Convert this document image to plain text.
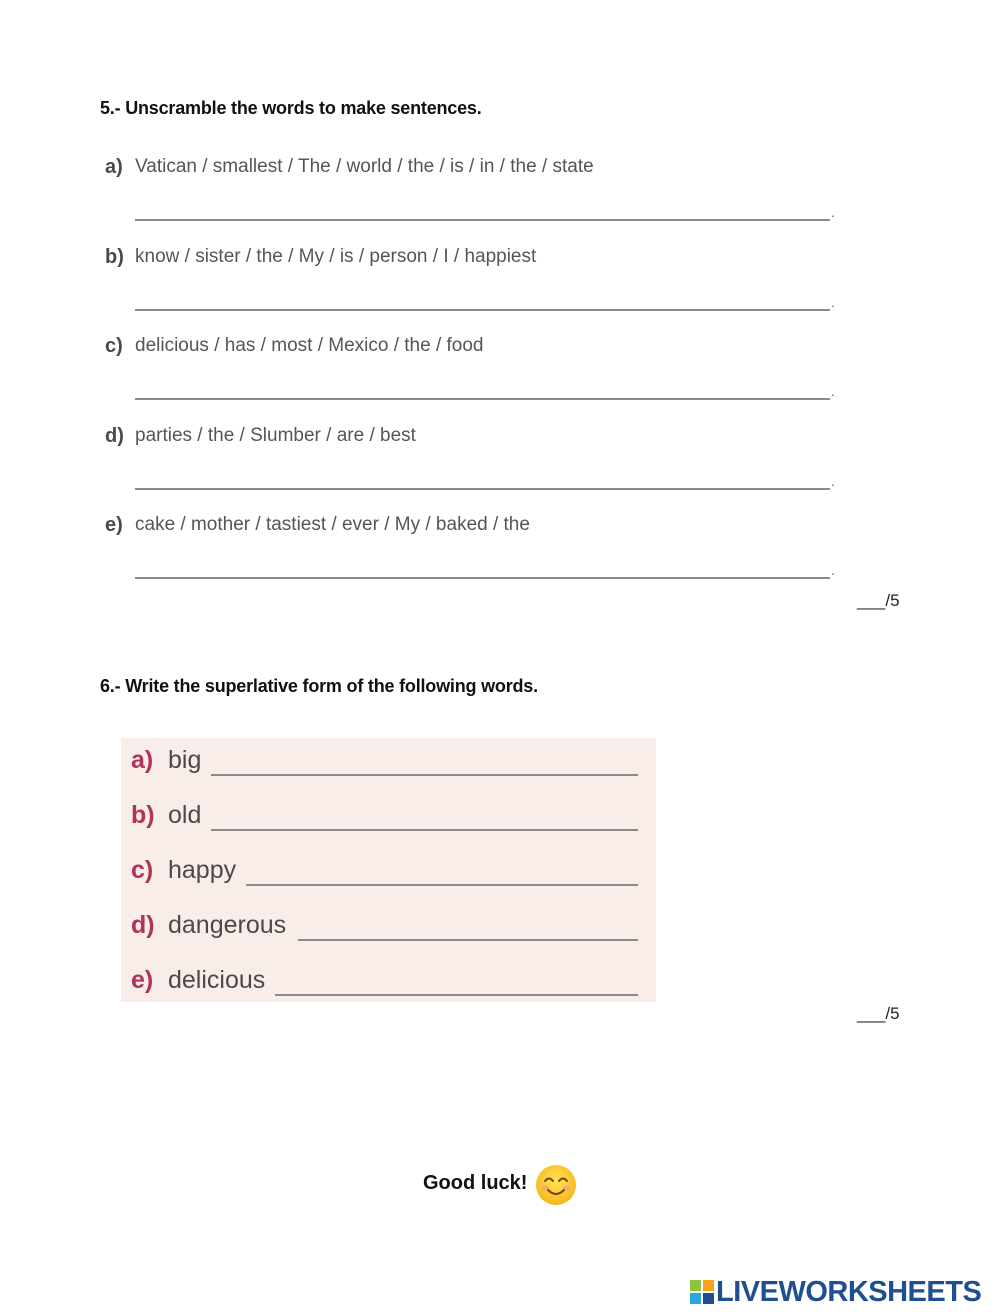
5.- Unscramble the words to make sentences.
a) Vatican / smallest / The / world / the / is / in / the / state
.
b) know / sister / the / My / is / person / I / happiest
.
c) delicious / has / most / Mexico / the / food
.
d) parties / the / Slumber / are / best
.
e) cake / mother / tastiest / ever / My / baked / the
.
___/5
6.- Write the superlative form of the following words.
a) big
b) old
c) happy
d) dangerous
e) delicious
___/5
Good luck!
LIVEWORKSHEETS
